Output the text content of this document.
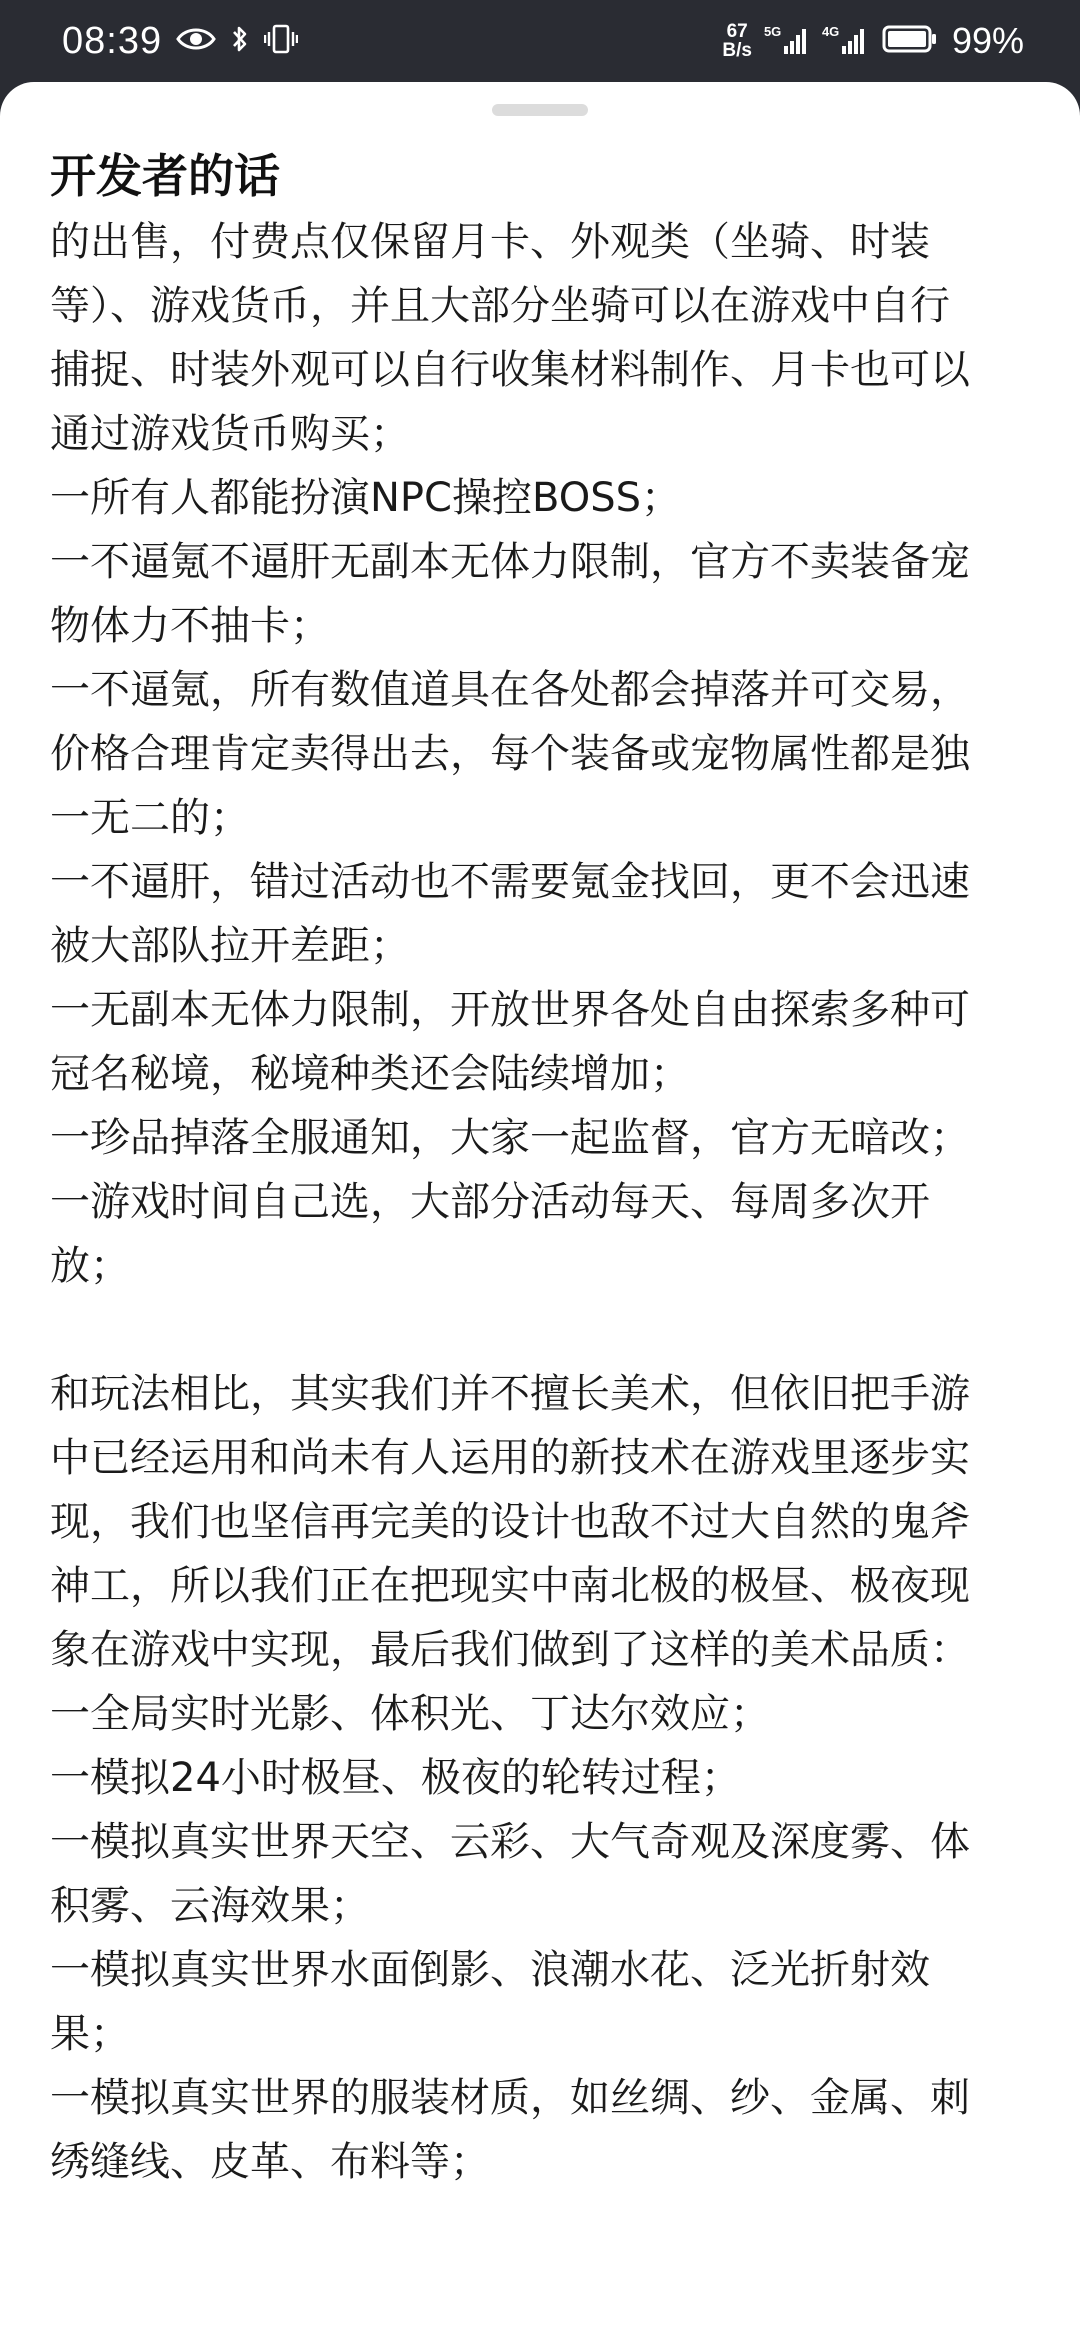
08:39	67
B/s
5G	4G	99%
开发者的话

的出售，付费点仅保留月卡、外观类（坐骑、时装
等）、游戏货币，并且大部分坐骑可以在游戏中自行
捕捉、时装外观可以自行收集材料制作、月卡也可以
通过游戏货币购买；
一所有人都能扮演NPC操控BOSS；
一不逼氪不逼肝无副本无体力限制，官方不卖装备宠
物体力不抽卡；
一不逼氪，所有数值道具在各处都会掉落并可交易，
价格合理肯定卖得出去，每个装备或宠物属性都是独
一无二的；
一不逼肝，错过活动也不需要氪金找回，更不会迅速
被大部队拉开差距；
一无副本无体力限制，开放世界各处自由探索多种可
冠名秘境，秘境种类还会陆续增加；
一珍品掉落全服通知，大家一起监督，官方无暗改；
一游戏时间自己选，大部分活动每天、每周多次开
放；

和玩法相比，其实我们并不擅长美术，但依旧把手游
中已经运用和尚未有人运用的新技术在游戏里逐步实
现，我们也坚信再完美的设计也敌不过大自然的鬼斧
神工，所以我们正在把现实中南北极的极昼、极夜现
象在游戏中实现，最后我们做到了这样的美术品质：
一全局实时光影、体积光、丁达尔效应；
一模拟24小时极昼、极夜的轮转过程；
一模拟真实世界天空、云彩、大气奇观及深度雾、体
积雾、云海效果；
一模拟真实世界水面倒影、浪潮水花、泛光折射效
果；
一模拟真实世界的服装材质，如丝绸、纱、金属、刺
绣缝线、皮革、布料等；
